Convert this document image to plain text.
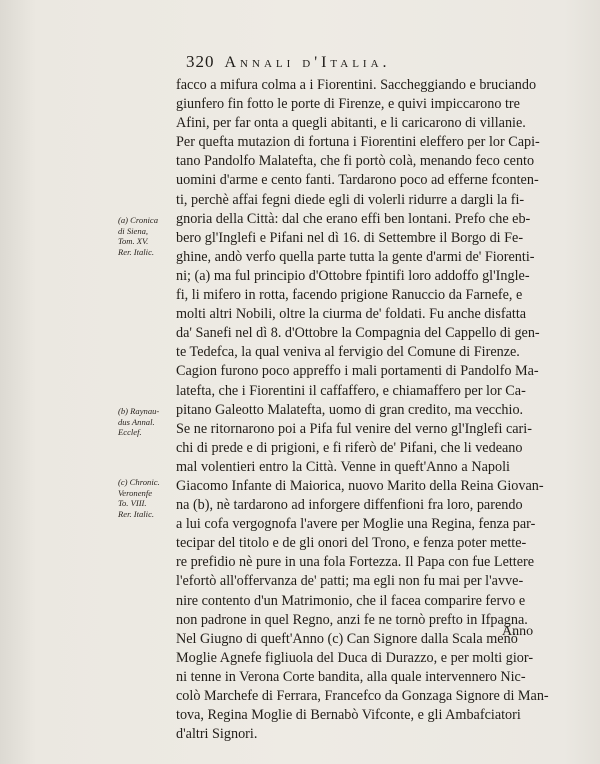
320 Annali d'Italia.
facco a mifura colma a i Fiorentini. Saccheggiando e bruciando
giunfero fin fotto le porte di Firenze, e quivi impiccarono tre
Afini, per far onta a quegli abitanti, e li caricarono di villanie.
Per quefta mutazion di fortuna i Fiorentini eleffero per lor Capi-
tano Pandolfo Malatefta, che fi portò colà, menando feco cento
uomini d'arme e cento fanti. Tardarono poco ad efferne fconten-
ti, perchè affai fegni diede egli di volerli ridurre a dargli la fi-
gnoria della Città: dal che erano effi ben lontani. Prefo che eb-
bero gl'Inglefi e Pifani nel dì 16. di Settembre il Borgo di Fe-
ghine, andò verfo quella parte tutta la gente d'armi de' Fiorenti-
ni; (a) ma ful principio d'Ottobre fpintifi loro addoffo gl'Ingle-
fi, li mifero in rotta, facendo prigione Ranuccio da Farnefe, e
molti altri Nobili, oltre la ciurma de' foldati. Fu anche disfatta
da' Sanefi nel dì 8. d'Ottobre la Compagnia del Cappello di gen-
te Tedefca, la qual veniva al fervigio del Comune di Firenze.
Cagion furono poco appreffo i mali portamenti di Pandolfo Ma-
latefta, che i Fiorentini il caffaffero, e chiamaffero per lor Ca-
pitano Galeotto Malatefta, uomo di gran credito, ma vecchio.
Se ne ritornarono poi a Pifa ful venire del verno gl'Inglefi cari-
chi di prede e di prigioni, e fi riferò de' Pifani, che li vedeano
mal volentieri entro la Città. Venne in queft'Anno a Napoli
Giacomo Infante di Maiorica, nuovo Marito della Reina Giovan-
na (b), nè tardarono ad inforgere diffenfioni fra loro, parendo
a lui cofa vergognofa l'avere per Moglie una Regina, fenza par-
tecipar del titolo e de gli onori del Trono, e fenza poter mette-
re prefidio nè pure in una fola Fortezza. Il Papa con fue Lettere
l'efortò all'offervanza de' patti; ma egli non fu mai per l'avve-
nire contento d'un Matrimonio, che il facea comparire fervo e
non padrone in quel Regno, anzi fe ne tornò prefto in Ifpagna.
Nel Giugno di queft'Anno (c) Can Signore dalla Scala menò
Moglie Agnefe figliuola del Duca di Durazzo, e per molti gior-
ni tenne in Verona Corte bandita, alla quale intervennero Nic-
colò Marchefe di Ferrara, Francefco da Gonzaga Signore di Man-
tova, Regina Moglie di Bernabò Vifconte, e gli Ambafciatori
d'altri Signori.
(a) Cronica
di Siena,
Tom. XV.
Rer. Italic.
(b) Raynau-
dus Annal.
Ecclef.
(c) Chronic.
Veronenfe
To. VIII.
Rer. Italic.
Anno
